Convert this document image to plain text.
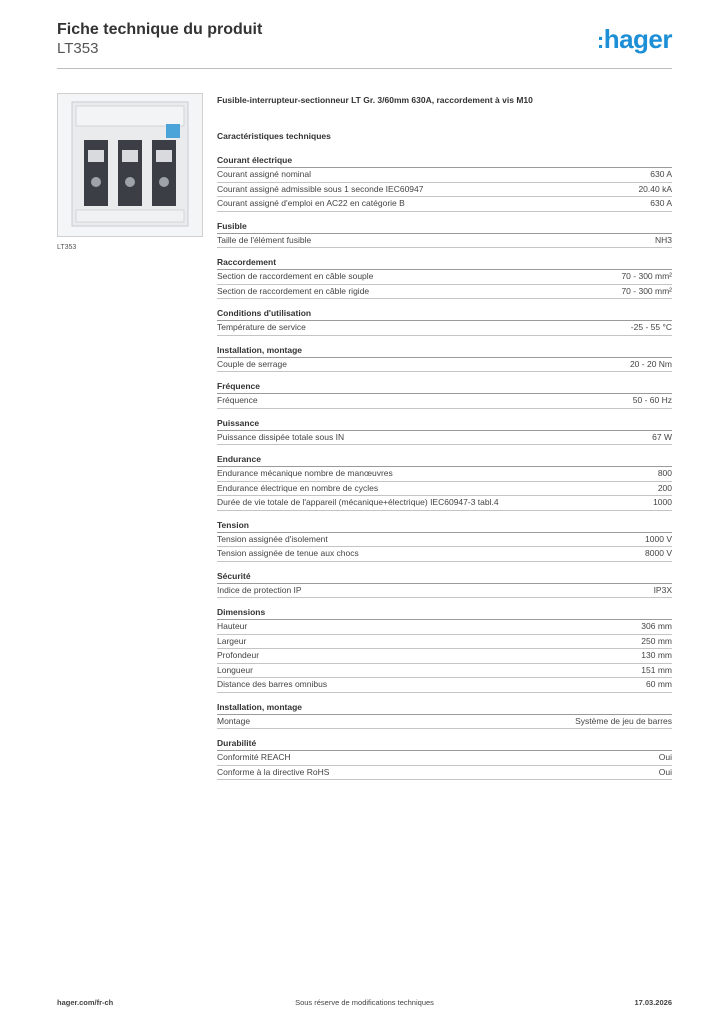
Fiche technique du produit

LT353	:hager
LT353

Fusible-interrupteur-sectionneur LT Gr. 3/60mm 630A, raccordement à vis M10

Caractéristiques techniques

Courant électrique
Courant assigné nominal	630 A
Courant assigné admissible sous 1 seconde IEC60947	20.40 kA
Courant assigné d'emploi en AC22 en catégorie B	630 A
Fusible
Taille de l'élément fusible	NH3
Raccordement
Section de raccordement en câble souple	70 - 300 mm²
Section de raccordement en câble rigide	70 - 300 mm²
Conditions d'utilisation
Température de service	-25 - 55 °C
Installation, montage
Couple de serrage	20 - 20 Nm
Fréquence
Fréquence	50 - 60 Hz
Puissance
Puissance dissipée totale sous IN	67 W
Endurance
Endurance mécanique nombre de manœuvres	800
Endurance électrique en nombre de cycles	200
Durée de vie totale de l'appareil (mécanique+électrique) IEC60947-3 tabl.4	1000
Tension
Tension assignée d'isolement	1000 V
Tension assignée de tenue aux chocs	8000 V
Sécurité
Indice de protection IP	IP3X
Dimensions
Hauteur	306 mm
Largeur	250 mm
Profondeur	130 mm
Longueur	151 mm
Distance des barres omnibus	60 mm
Installation, montage
Montage	Système de jeu de barres
Durabilité
Conformité REACH	Oui
Conforme à la directive RoHS	Oui
Sous réserve de modifications techniques
hager.com/fr-ch	17.03.2026
